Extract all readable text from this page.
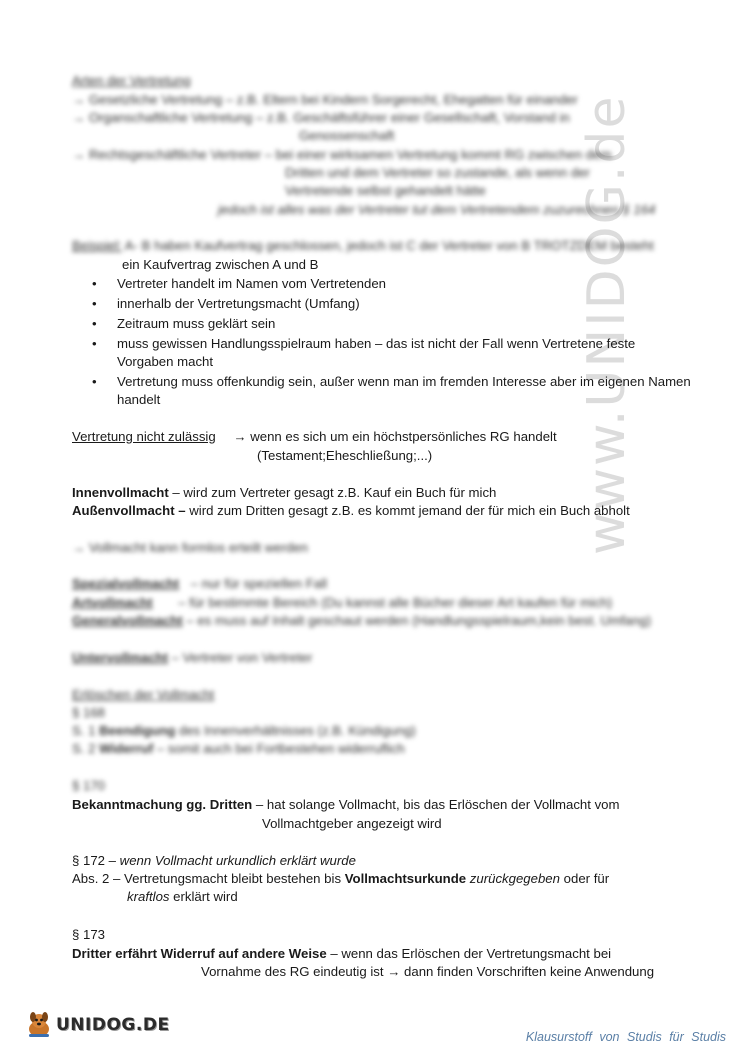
www.UNIDOG.de
Arten der Vertretung
→ Gesetzliche Vertretung – z.B. Eltern bei Kindern Sorgerecht, Ehegatten für einander
→ Organschaftliche Vertretung – z.B. Geschäftsführer einer Gesellschaft, Vorstand in
Genossenschaft
→ Rechtsgeschäftliche Vertreter – bei einer wirksamen Vertretung kommt RG zwischen dem
Dritten und dem Vertreter so zustande, als wenn der
Vertretende selbst gehandelt hätte
jedoch ist alles was der Vertreter tut dem Vertretendem zuzurechnen § 164
Beispiel: A- B haben Kaufvertrag geschlossen, jedoch ist C der Vertreter von B TROTZDEM besteht
ein Kaufvertrag zwischen A und B
• Vertreter handelt im Namen vom Vertretenden
• innerhalb der Vertretungsmacht (Umfang)
• Zeitraum muss geklärt sein
• muss gewissen Handlungsspielraum haben – das ist nicht der Fall wenn Vertretene feste Vorgaben macht
• Vertretung muss offenkundig sein, außer wenn man im fremden Interesse aber im eigenen Namen handelt
Vertretung nicht zulässig → wenn es sich um ein höchstpersönliches RG handelt
(Testament;Eheschließung;...)
Innenvollmacht – wird zum Vertreter gesagt z.B. Kauf ein Buch für mich
Außenvollmacht – wird zum Dritten gesagt z.B. es kommt jemand der für mich ein Buch abholt
→ Vollmacht kann formlos erteilt werden
Spezialvollmacht – nur für speziellen Fall
Artvollmacht – für bestimmte Bereich (Du kannst alle Bücher dieser Art kaufen für mich)
Generalvollmacht – es muss auf Inhalt geschaut werden (Handlungsspielraum,kein best. Umfang)
Untervollmacht – Vertreter von Vertreter
Erlöschen der Vollmacht
§ 168
S. 1 Beendigung des Innenverhältnisses (z.B. Kündigung)
S. 2 Widerruf – somit auch bei Fortbestehen widerruflich
§ 170
Bekanntmachung gg. Dritten – hat solange Vollmacht, bis das Erlöschen der Vollmacht vom
Vollmachtgeber angezeigt wird
§ 172 – wenn Vollmacht urkundlich erklärt wurde
Abs. 2 – Vertretungsmacht bleibt bestehen bis Vollmachtsurkunde zurückgegeben oder für
kraftlos erklärt wird
§ 173
Dritter erfährt Widerruf auf andere Weise – wenn das Erlöschen der Vertretungsmacht bei
Vornahme des RG eindeutig ist → dann finden Vorschriften keine Anwendung
UNIDOG.DE
Klausurstoff von Studis für Studis
